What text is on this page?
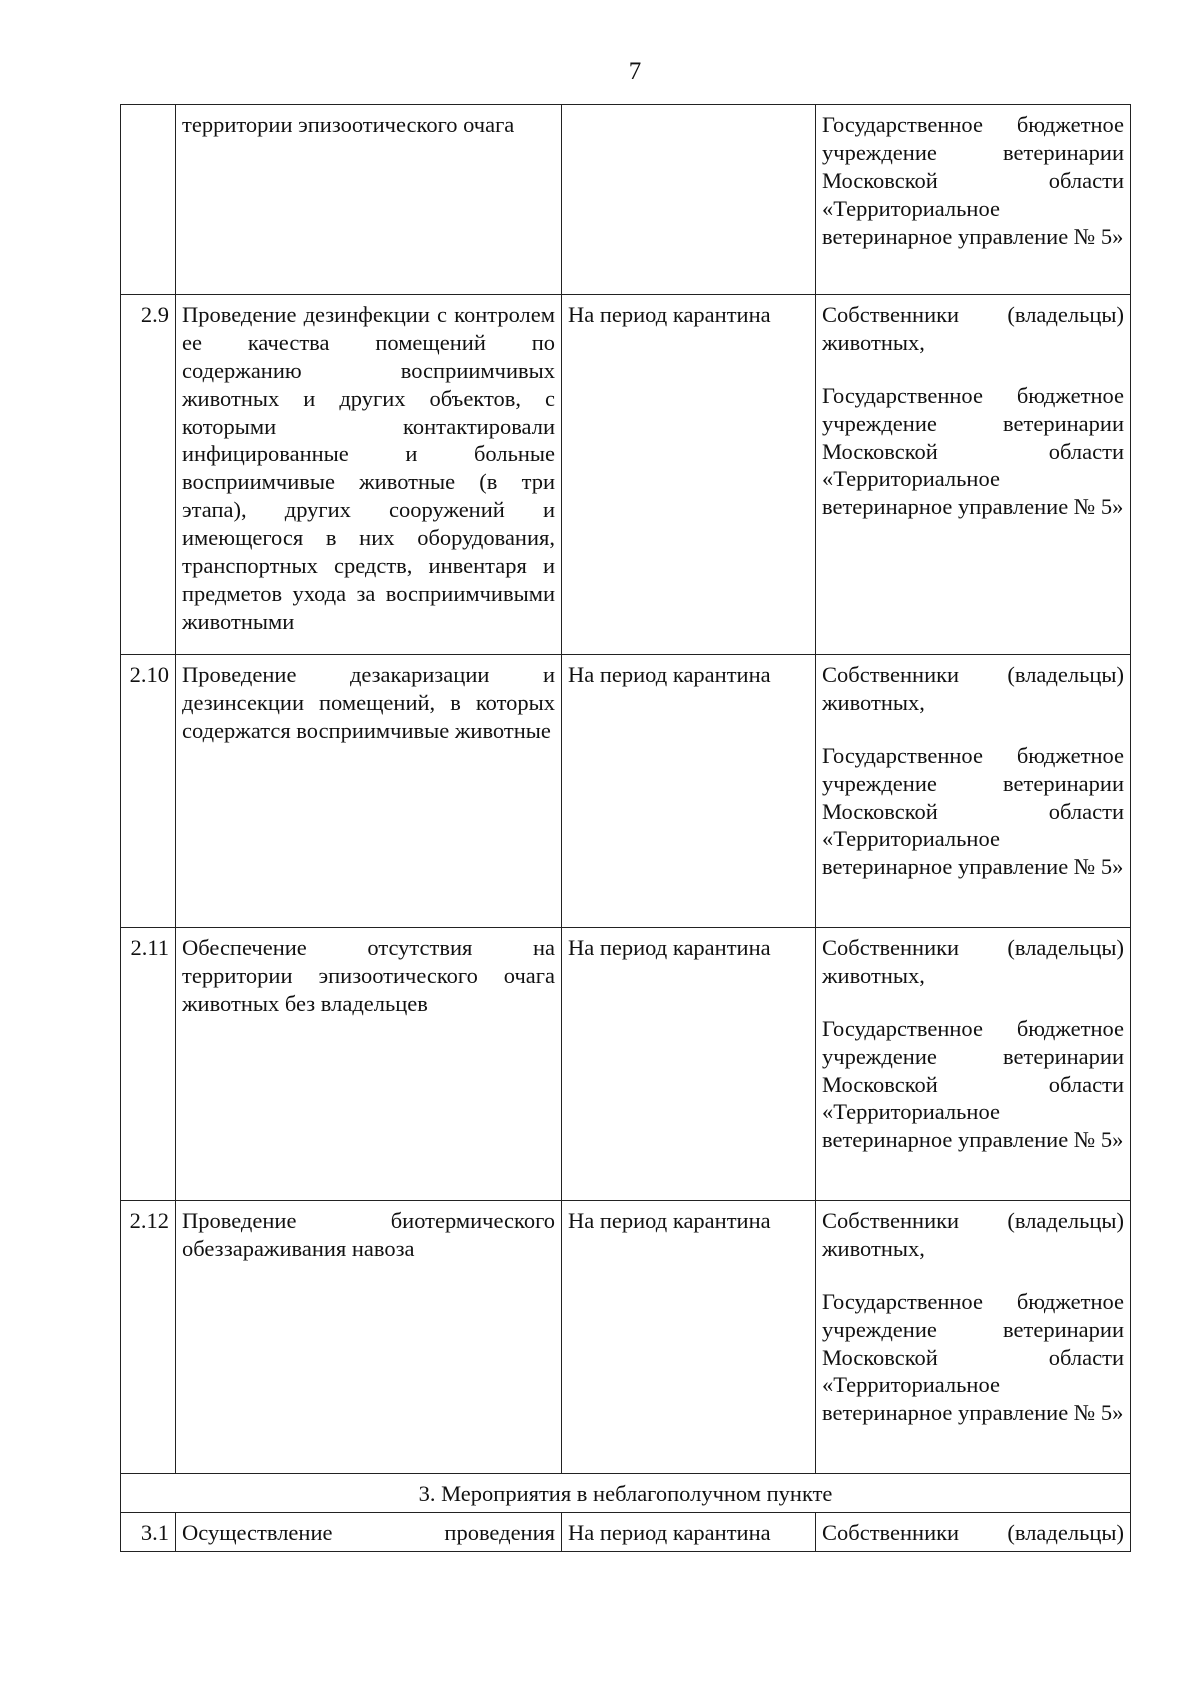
7
	территории эпизоотического очага		Государственное бюджетное учреждение ветеринарии Московской области «Территориальное ветеринарное управление № 5»

2.9	Проведение дезинфекции с контролем ее качества помещений по содержанию восприимчивых животных и других объектов, с которыми контактировали инфицированные и больные восприимчивые животные (в три этапа), других сооружений и имеющегося в них оборудования, транспортных средств, инвентаря и предметов ухода за восприимчивыми животными	На период карантина	Собственники (владельцы) животных,
Государственное бюджетное учреждение ветеринарии Московской области «Территориальное ветеринарное управление № 5»

2.10	Проведение дезакаризации и дезинсекции помещений, в которых содержатся восприимчивые животные	На период карантина	Собственники (владельцы) животных,
Государственное бюджетное учреждение ветеринарии Московской области «Территориальное ветеринарное управление № 5»

2.11	Обеспечение отсутствия на территории эпизоотического очага животных без владельцев	На период карантина	Собственники (владельцы) животных,
Государственное бюджетное учреждение ветеринарии Московской области «Территориальное ветеринарное управление № 5»

2.12	Проведение биотермического обеззараживания навоза	На период карантина	Собственники (владельцы) животных,
Государственное бюджетное учреждение ветеринарии Московской области «Территориальное ветеринарное управление № 5»

3. Мероприятия в неблагополучном пункте			
3.1	Осуществление проведения	На период карантина	Собственники (владельцы)
